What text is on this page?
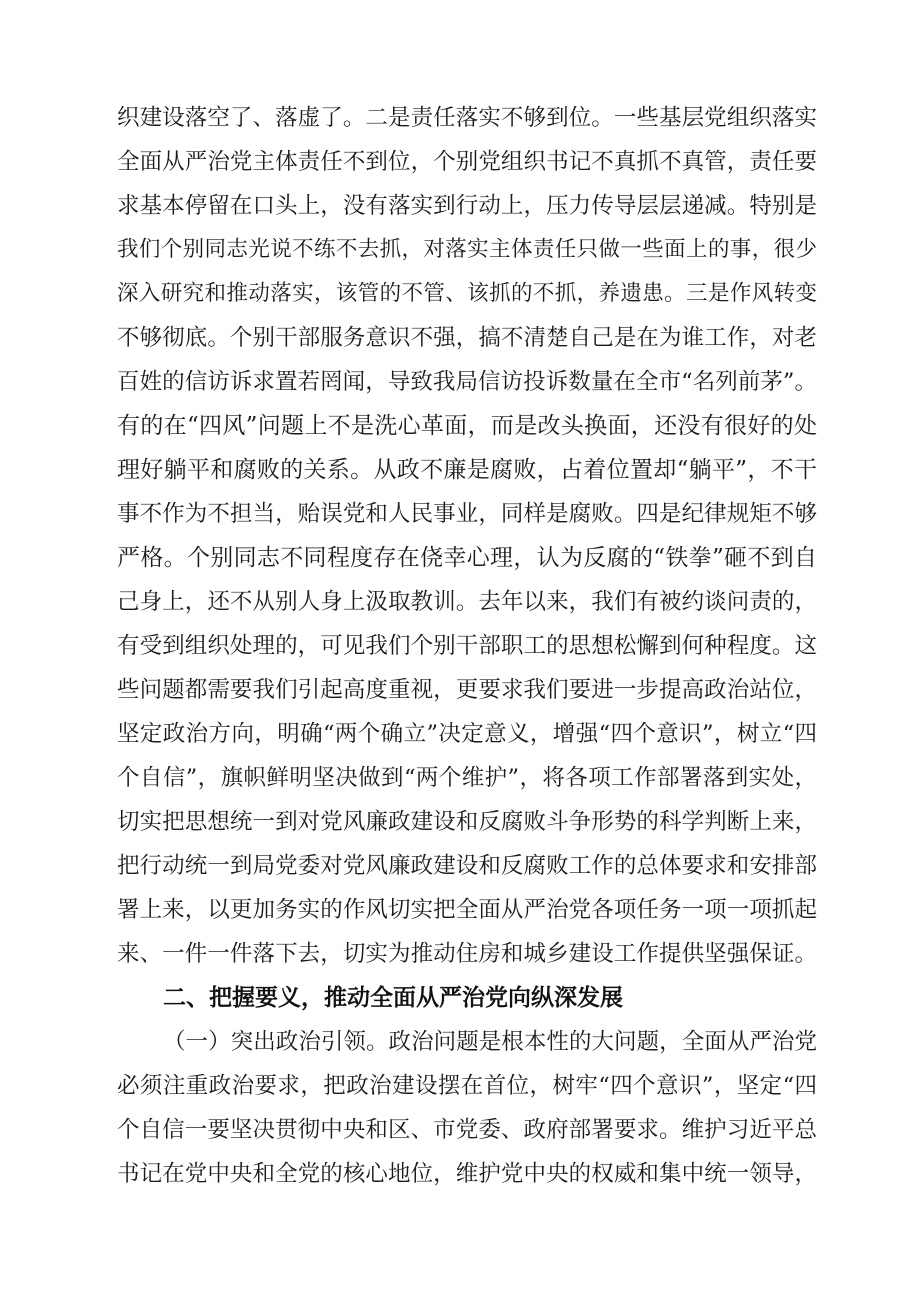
织建设落空了、落虚了。二是责任落实不够到位。一些基层党组织落实
全面从严治党主体责任不到位，个别党组织书记不真抓不真管，责任要
求基本停留在口头上，没有落实到行动上，压力传导层层递减。特别是
我们个别同志光说不练不去抓，对落实主体责任只做一些面上的事，很少
深入研究和推动落实，该管的不管、该抓的不抓，养遗患。三是作风转变
不够彻底。个别干部服务意识不强，搞不清楚自己是在为谁工作，对老
百姓的信访诉求置若罔闻，导致我局信访投诉数量在全市“名列前茅”。
有的在“四风”问题上不是洗心革面，而是改头换面，还没有很好的处
理好躺平和腐败的关系。从政不廉是腐败，占着位置却“躺平”，不干
事不作为不担当，贻误党和人民事业，同样是腐败。四是纪律规矩不够
严格。个别同志不同程度存在侥幸心理，认为反腐的“铁拳”砸不到自
己身上，还不从别人身上汲取教训。去年以来，我们有被约谈问责的，
有受到组织处理的，可见我们个别干部职工的思想松懈到何种程度。这
些问题都需要我们引起高度重视，更要求我们要进一步提高政治站位，
坚定政治方向，明确“两个确立”决定意义，增强“四个意识”，树立“四
个自信”，旗帜鲜明坚决做到“两个维护”，将各项工作部署落到实处，
切实把思想统一到对党风廉政建设和反腐败斗争形势的科学判断上来，
把行动统一到局党委对党风廉政建设和反腐败工作的总体要求和安排部
署上来，以更加务实的作风切实把全面从严治党各项任务一项一项抓起
来、一件一件落下去，切实为推动住房和城乡建设工作提供坚强保证。
二、把握要义，推动全面从严治党向纵深发展
（一）突出政治引领。政治问题是根本性的大问题，全面从严治党
必须注重政治要求，把政治建设摆在首位，树牢“四个意识”，坚定“四
个自信一要坚决贯彻中央和区、市党委、政府部署要求。维护习近平总
书记在党中央和全党的核心地位，维护党中央的权威和集中统一领导，
